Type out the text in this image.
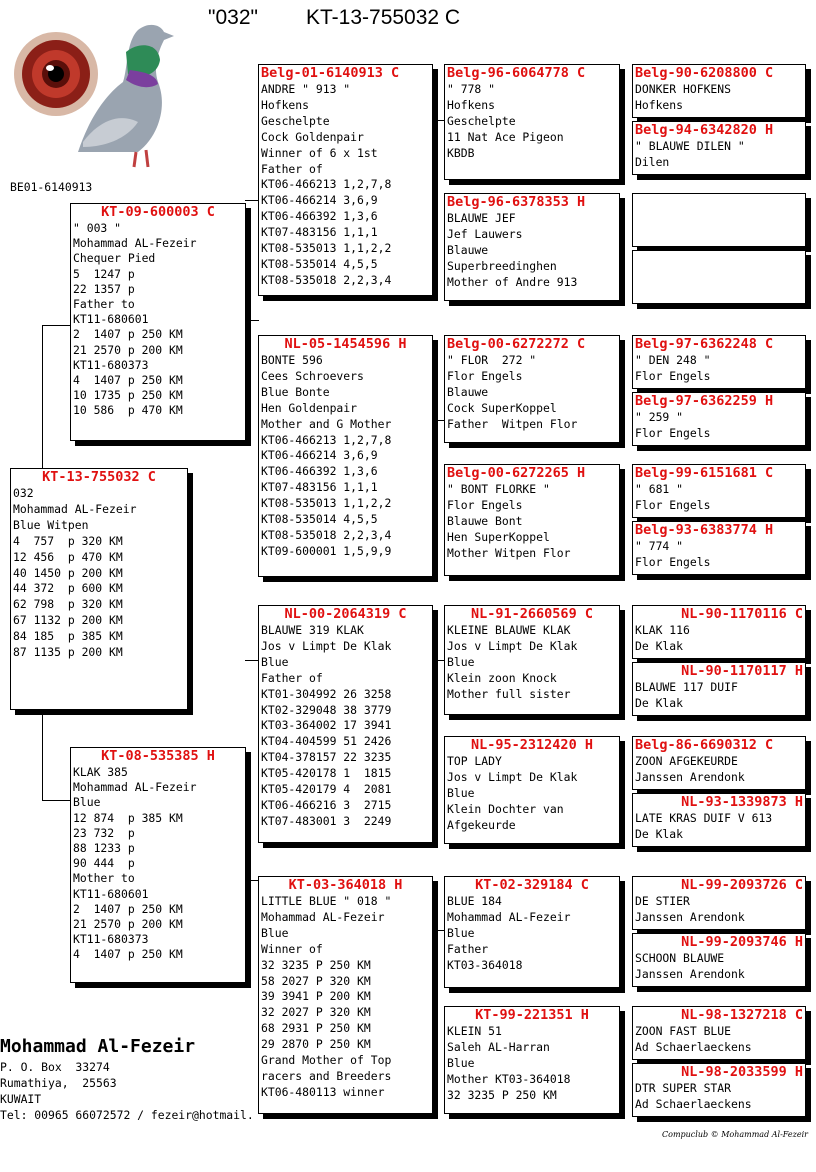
"032" KT-13-755032 C
BE01-6140913
KT-13-755032 C
032
Mohammad AL-Fezeir
Blue Witpen
4  757  p 320 KM
12 456  p 470 KM
40 1450 p 200 KM
44 372  p 600 KM
62 798  p 320 KM
67 1132 p 200 KM
84 185  p 385 KM
87 1135 p 200 KM
KT-09-600003 C
" 003 "
Mohammad AL-Fezeir
Chequer Pied
5  1247 p
22 1357 p
Father to
KT11-680601
2  1407 p 250 KM
21 2570 p 200 KM
KT11-680373
4  1407 p 250 KM
10 1735 p 250 KM
10 586  p 470 KM
KT-08-535385 H
KLAK 385
Mohammad AL-Fezeir
Blue
12 874  p 385 KM
23 732  p
88 1233 p
90 444  p
Mother to
KT11-680601
2  1407 p 250 KM
21 2570 p 200 KM
KT11-680373
4  1407 p 250 KM
Belg-01-6140913 C
ANDRE " 913 "
Hofkens
Geschelpte
Cock Goldenpair
Winner of 6 x 1st
Father of
KT06-466213 1,2,7,8
KT06-466214 3,6,9
KT06-466392 1,3,6
KT07-483156 1,1,1
KT08-535013 1,1,2,2
KT08-535014 4,5,5
KT08-535018 2,2,3,4
NL-05-1454596 H
BONTE 596
Cees Schroevers
Blue Bonte
Hen Goldenpair
Mother and G Mother
KT06-466213 1,2,7,8
KT06-466214 3,6,9
KT06-466392 1,3,6
KT07-483156 1,1,1
KT08-535013 1,1,2,2
KT08-535014 4,5,5
KT08-535018 2,2,3,4
KT09-600001 1,5,9,9
NL-00-2064319 C
BLAUWE 319 KLAK
Jos v Limpt De Klak
Blue
Father of
KT01-304992 26 3258
KT02-329048 38 3779
KT03-364002 17 3941
KT04-404599 51 2426
KT04-378157 22 3235
KT05-420178 1  1815
KT05-420179 4  2081
KT06-466216 3  2715
KT07-483001 3  2249
KT-03-364018 H
LITTLE BLUE " 018 "
Mohammad AL-Fezeir
Blue
Winner of
32 3235 P 250 KM
58 2027 P 320 KM
39 3941 P 200 KM
32 2027 P 320 KM
68 2931 P 250 KM
29 2870 P 250 KM
Grand Mother of Top
racers and Breeders
KT06-480113 winner
Belg-96-6064778 C
" 778 "
Hofkens
Geschelpte
11 Nat Ace Pigeon
KBDB
Belg-96-6378353 H
BLAUWE JEF
Jef Lauwers
Blauwe
Superbreedinghen
Mother of Andre 913
Belg-00-6272272 C
" FLOR  272 "
Flor Engels
Blauwe
Cock SuperKoppel
Father  Witpen Flor
Belg-00-6272265 H
" BONT FLORKE "
Flor Engels
Blauwe Bont
Hen SuperKoppel
Mother Witpen Flor
NL-91-2660569 C
KLEINE BLAUWE KLAK
Jos v Limpt De Klak
Blue
Klein zoon Knock
Mother full sister
NL-95-2312420 H
TOP LADY
Jos v Limpt De Klak
Blue
Klein Dochter van
Afgekeurde
KT-02-329184 C
BLUE 184
Mohammad AL-Fezeir
Blue
Father
KT03-364018
KT-99-221351 H
KLEIN 51
Saleh AL-Harran
Blue
Mother KT03-364018
32 3235 P 250 KM
Belg-90-6208800 C
DONKER HOFKENS
Hofkens
Belg-94-6342820 H
" BLAUWE DILEN "
Dilen
Belg-97-6362248 C
" DEN 248 "
Flor Engels
Belg-97-6362259 H
" 259 "
Flor Engels
Belg-99-6151681 C
" 681 "
Flor Engels
Belg-93-6383774 H
" 774 "
Flor Engels
NL-90-1170116 C
KLAK 116
De Klak
NL-90-1170117 H
BLAUWE 117 DUIF
De Klak
Belg-86-6690312 C
ZOON AFGEKEURDE
Janssen Arendonk
NL-93-1339873 H
LATE KRAS DUIF V 613
De Klak
NL-99-2093726 C
DE STIER
Janssen Arendonk
NL-99-2093746 H
SCHOON BLAUWE
Janssen Arendonk
NL-98-1327218 C
ZOON FAST BLUE
Ad Schaerlaeckens
NL-98-2033599 H
DTR SUPER STAR
Ad Schaerlaeckens
Mohammad Al-Fezeir
P. O. Box  33274
Rumathiya,  25563
KUWAIT
Tel: 00965 66072572 / fezeir@hotmail.
Compuclub © Mohammad Al-Fezeir
